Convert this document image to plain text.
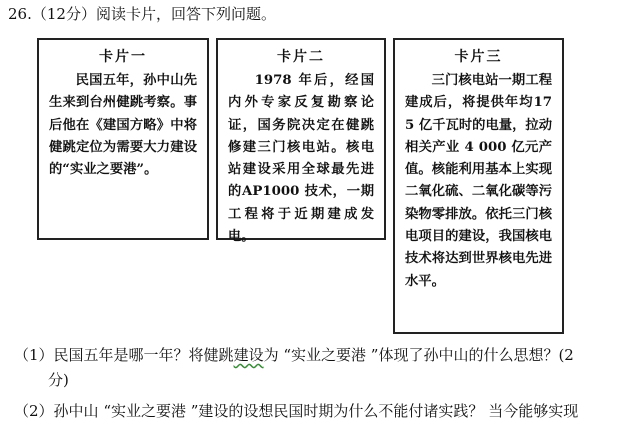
26.（12分）阅读卡片，回答下列问题。
卡片一
民国五年，孙中山先生来到台州健跳考察。事后他在《建国方略》中将健跳定位为需要大力建设的“实业之要港”。
卡片二
1978 年后，经国内外专家反复勘察论证，国务院决定在健跳修建三门核电站。核电站建设采用全球最先进的AP1000 技术，一期工程将于近期建成发电。
卡片三
三门核电站一期工程建成后，将提供年均175 亿千瓦时的电量，拉动相关产业 4 000 亿元产值。核能利用基本上实现二氧化硫、二氧化碳等污染物零排放。依托三门核电项目的建设，我国核电技术将达到世界核电先进水平。
（1）民国五年是哪一年？将健跳建设为 “实业之要港 ”体现了孙中山的什么思想？(2
分)
（2）孙中山 “实业之要港 ”建设的设想民国时期为什么不能付诸实践？ 当今能够实现
